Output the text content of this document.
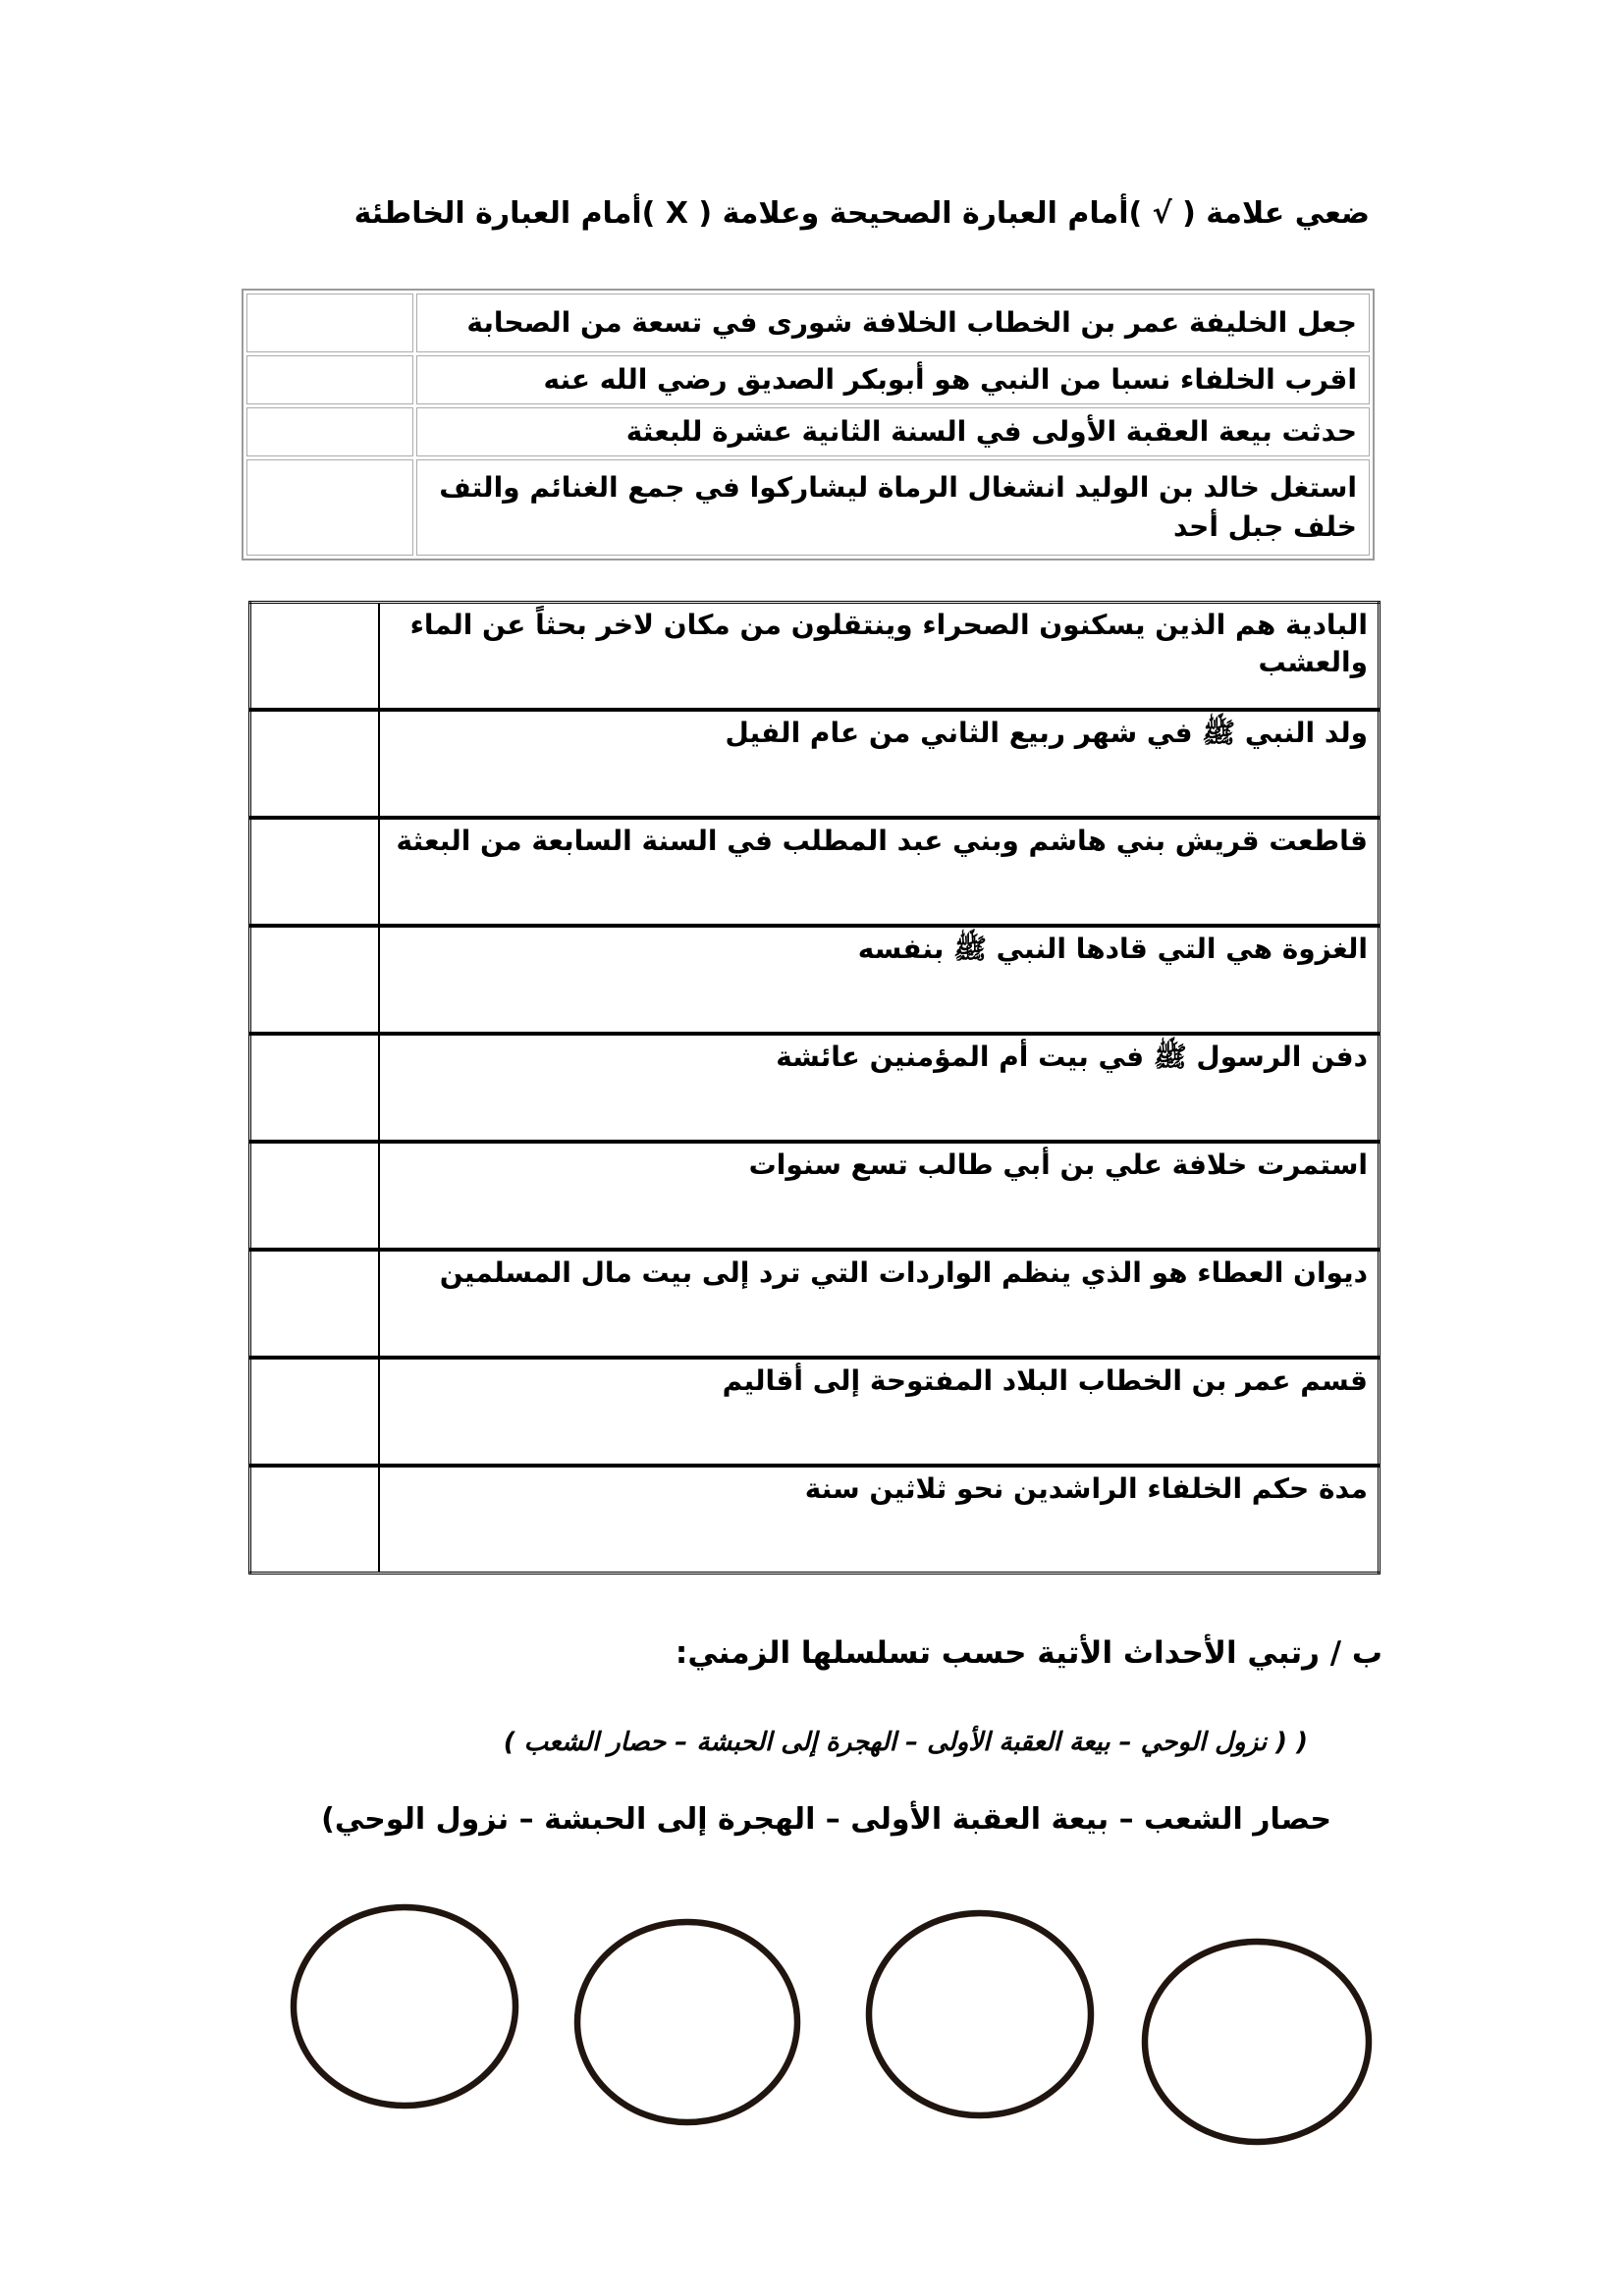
ضعي علامة ( √ )أمام العبارة الصحيحة وعلامة ( X )أمام العبارة الخاطئة
	جعل الخليفة عمر بن الخطاب الخلافة شورى في تسعة من الصحابة
	اقرب الخلفاء نسبا من النبي هو أبوبكر الصديق رضي الله عنه
	حدثت بيعة العقبة الأولى في السنة الثانية عشرة للبعثة
	استغل خالد بن الوليد انشغال الرماة ليشاركوا في جمع الغنائم والتف خلف جبل أحد
	البادية هم الذين يسكنون الصحراء وينتقلون من مكان لاخر بحثاً عن الماء والعشب
	ولد النبي ﷺ في شهر ربيع الثاني من عام الفيل
	قاطعت قريش بني هاشم وبني عبد المطلب في السنة السابعة من البعثة
	الغزوة هي التي قادها النبي ﷺ بنفسه
	دفن الرسول ﷺ في بيت أم المؤمنين عائشة
	استمرت خلافة علي بن أبي طالب تسع سنوات
	ديوان العطاء هو الذي ينظم الواردات التي ترد إلى بيت مال المسلمين
	قسم عمر بن الخطاب البلاد المفتوحة إلى أقاليم
	مدة حكم الخلفاء الراشدين نحو ثلاثين سنة
ب / رتبي الأحداث الأتية حسب تسلسلها الزمني:
( ( نزول الوحي – بيعة العقبة الأولى – الهجرة إلى الحبشة – حصار الشعب )
حصار الشعب – بيعة العقبة الأولى – الهجرة إلى الحبشة – نزول الوحي)
